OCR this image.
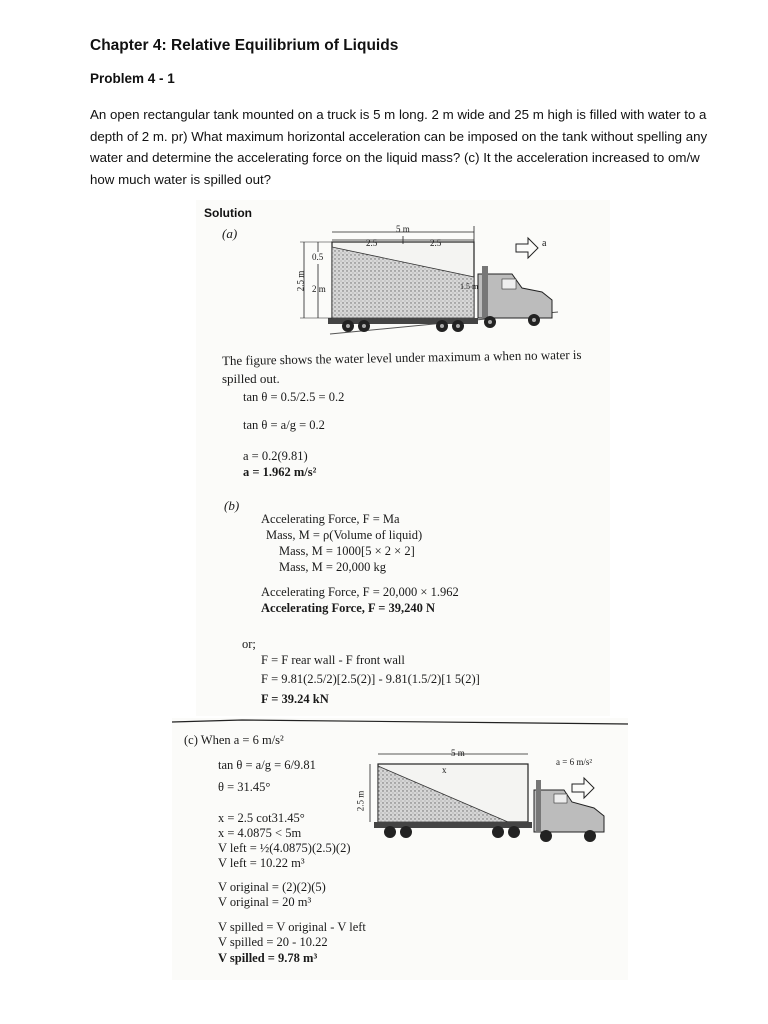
Chapter 4: Relative Equilibrium of Liquids
Problem 4 - 1
An open rectangular tank mounted on a truck is 5 m long. 2 m wide and 25 m high is filled with water to a depth of 2 m. pr) What maximum horizontal acceleration can be imposed on the tank without spelling any water and determine the accelerating force on the liquid mass? (c) It the acceleration increased to om/w how much water is spilled out?
Solution
(a)	5 m
2.5	2.5
0.5
2.5 m 2 m	1.5 m
a
The figure shows the water level under maximum a when no water is
spilled out.
tan θ = 0.5/2.5 = 0.2
tan θ = a/g = 0.2
a = 0.2(9.81)
a = 1.962 m/s²
(b)
Accelerating Force, F = Ma
Mass, M = ρ(Volume of liquid)
Mass, M = 1000[5 × 2 × 2]
Mass, M = 20,000 kg
Accelerating Force, F = 20,000 × 1.962
Accelerating Force, F = 39,240 N
or;
F = F rear wall - F front wall
F = 9.81(2.5/2)[2.5(2)] - 9.81(1.5/2)[1 5(2)]
F = 39.24 kN
(c) When a = 6 m/s²
tan θ = a/g = 6/9.81
θ = 31.45°
x = 2.5 cot31.45°
x = 4.0875 < 5m
V left = ½(4.0875)(2.5)(2)
V left = 10.22 m³
V original = (2)(2)(5)
V original = 20 m³
V spilled = V original - V left
V spilled = 20 - 10.22
V spilled = 9.78 m³
5 m
x
2.5 m
a = 6 m/s²
